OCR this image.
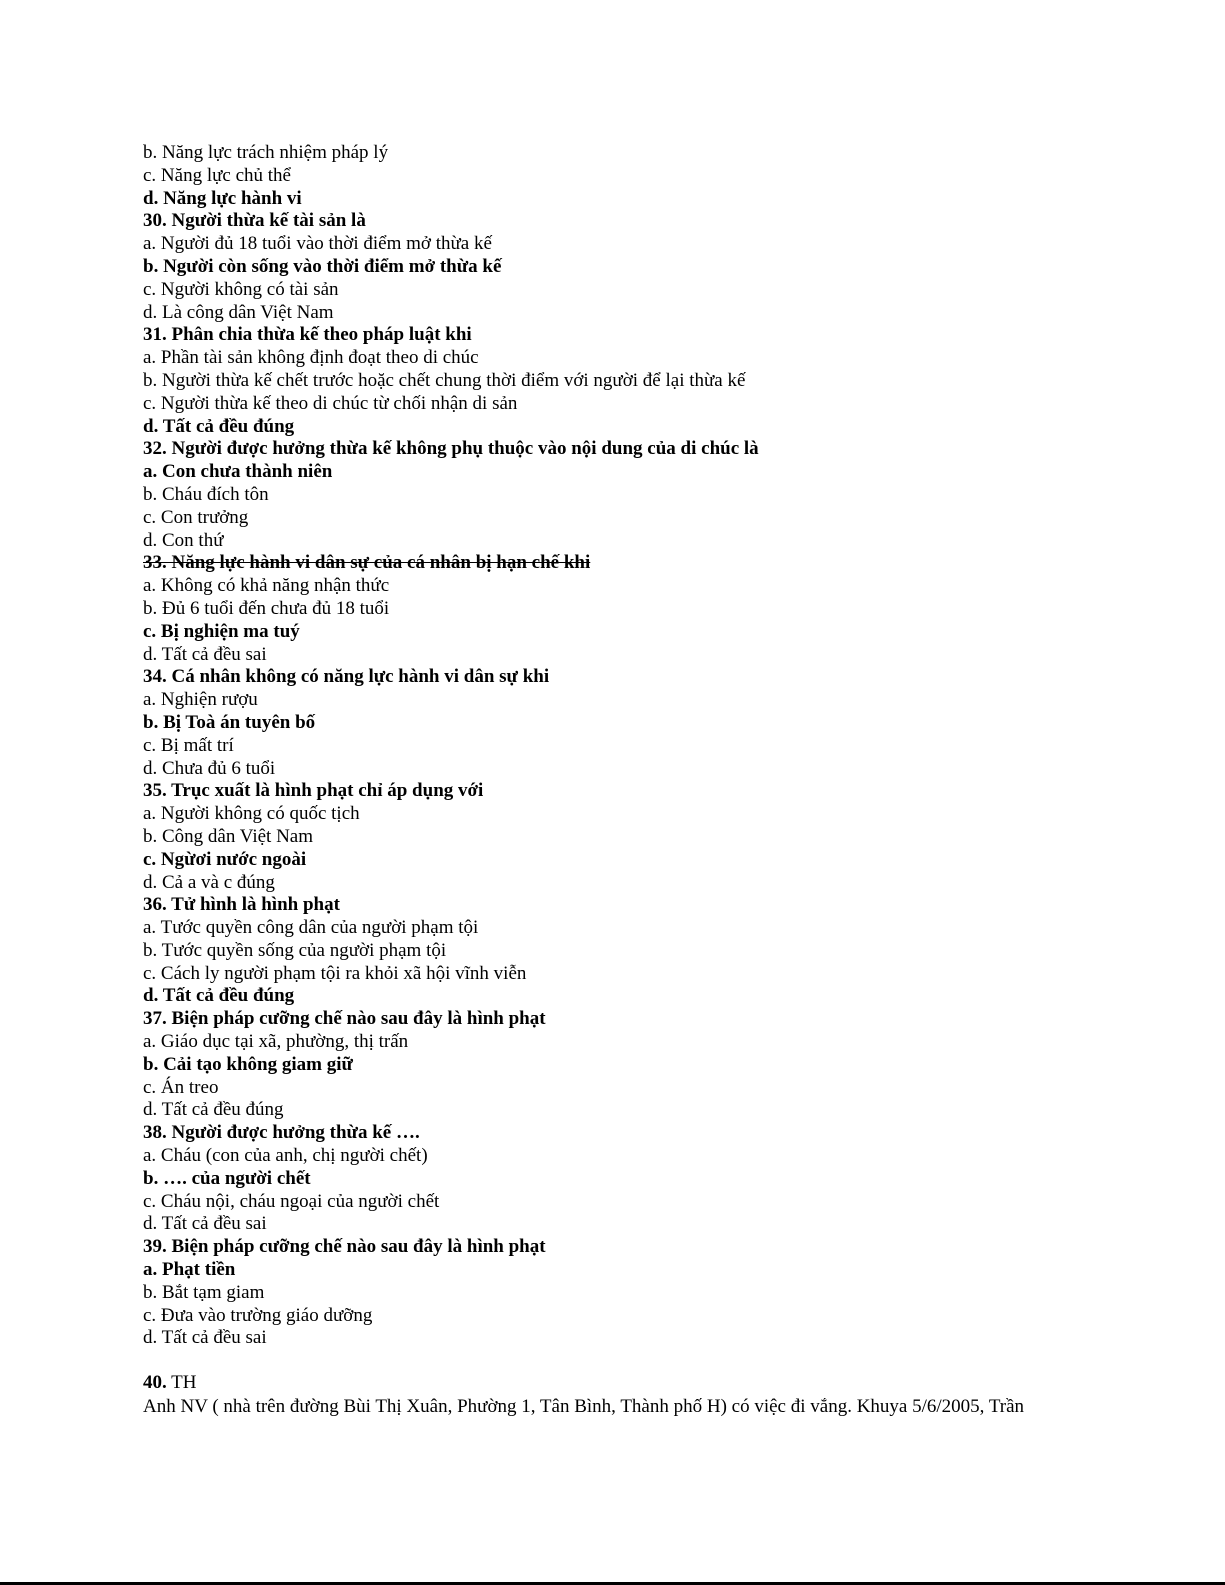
b. Năng lực trách nhiệm pháp lý
c. Năng lực chủ thể
d. Năng lực hành vi
30. Người thừa kế tài sản là
a. Người đủ 18 tuổi vào thời điểm mở thừa kế
b. Người còn sống vào thời điểm mở thừa kế
c. Người không có tài sản
d. Là công dân Việt Nam
31. Phân chia thừa kế theo pháp luật khi
a. Phần tài sản không định đoạt theo di chúc
b. Người thừa kế chết trước hoặc chết chung thời điểm với người để lại thừa kế
c. Người thừa kế theo di chúc từ chối nhận di sản
d. Tất cả đều đúng
32. Người được hưởng thừa kế không phụ thuộc vào nội dung của di chúc là
a. Con chưa thành niên
b. Cháu đích tôn
c. Con trưởng
d. Con thứ
33. Năng lực hành vi dân sự của cá nhân bị hạn chế khi
a. Không có khả năng nhận thức
b. Đủ 6 tuổi đến chưa đủ 18 tuổi
c. Bị nghiện ma tuý
d. Tất cả đều sai
34. Cá nhân không có năng lực hành vi dân sự khi
a. Nghiện rượu
b. Bị Toà án tuyên bố
c. Bị mất trí
d. Chưa đủ 6 tuổi
35. Trục xuất là hình phạt chỉ áp dụng với
a. Người không có quốc tịch
b. Công dân Việt Nam
c. Ngừơi nước ngoài
d. Cả a và c đúng
36. Tử hình là hình phạt
a. Tước quyền công dân của người phạm tội
b. Tước quyền sống của người phạm tội
c. Cách ly người phạm tội ra khỏi xã hội vĩnh viễn
d. Tất cả đều đúng
37. Biện pháp cưỡng chế nào sau đây là hình phạt
a. Giáo dục tại xã, phường, thị trấn
b. Cải tạo không giam giữ
c. Án treo
d. Tất cả đều đúng
38. Người được hưởng thừa kế ….
a. Cháu (con của anh, chị người chết)
b. …. của người chết
c. Cháu nội, cháu ngoại của người chết
d. Tất cả đều sai
39. Biện pháp cưỡng chế nào sau đây là hình phạt
a. Phạt tiền
b. Bắt tạm giam
c. Đưa vào trường giáo dưỡng
d. Tất cả đều sai
40. TH
Anh NV ( nhà trên đường Bùi Thị Xuân, Phường 1, Tân Bình, Thành phố H) có việc đi vắng. Khuya 5/6/2005, Trần
